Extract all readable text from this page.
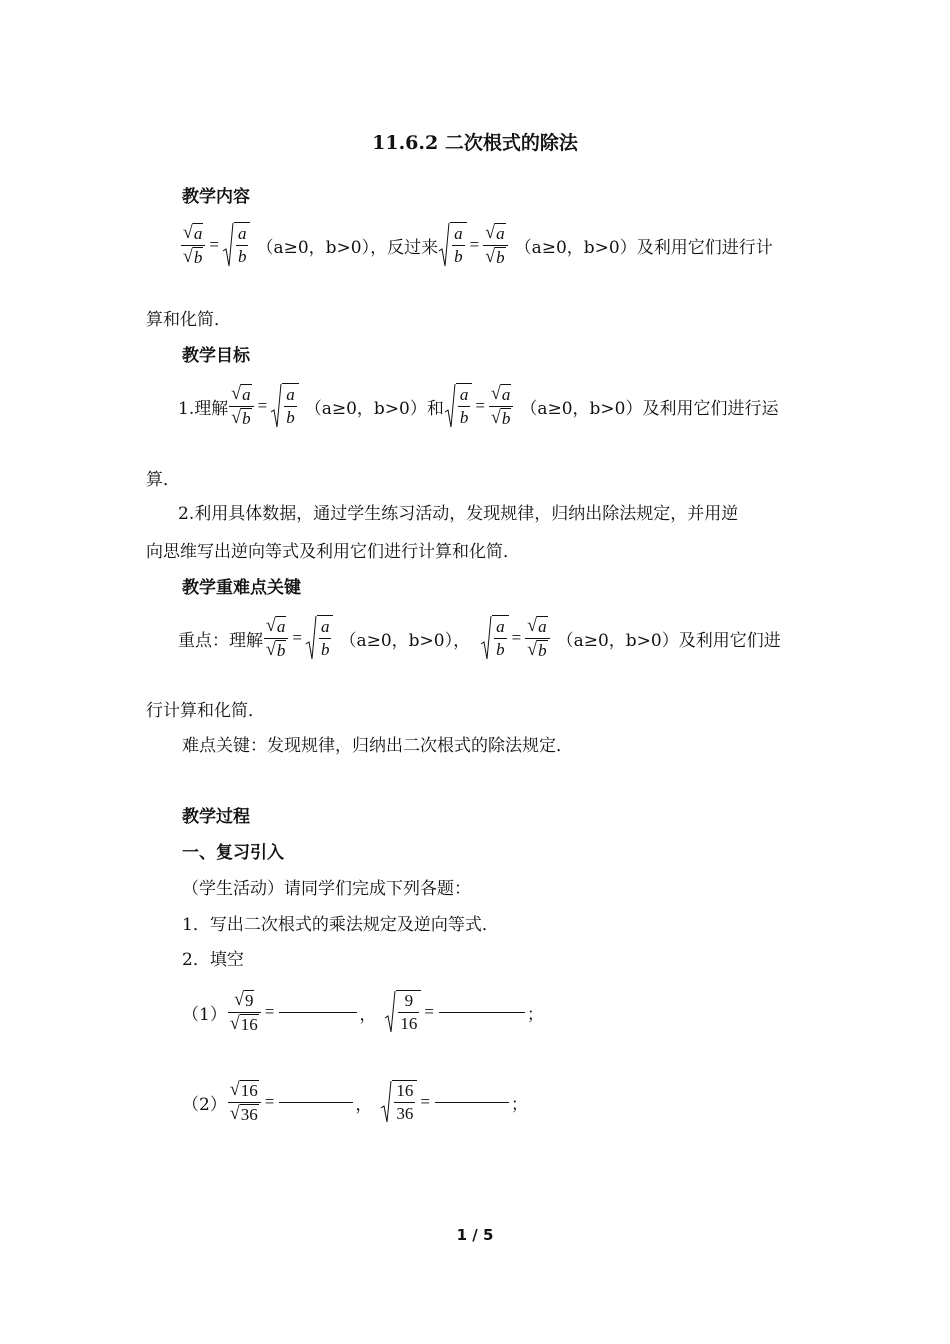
11.6.2 二次根式的除法
教学内容
$\frac{√ a}{√ b} = \frac{a}{b} (a\ge 0$，b>0），反过来 $\frac{a}{b} = \frac{√ a}{√ b} (a\ge 0$，b>0）及利用它们进行计
算和化简．
教学目标
1.理解 $\frac{√ a}{√ b} = \frac{a}{b} (a\ge 0$，b>0）和 $\frac{a}{b} = \frac{√ a}{√ b} (a\ge 0$，b>0）及利用它们进行运
算．
2.利用具体数据，通过学生练习活动，发现规律，归纳出除法规定，并用逆
向思维写出逆向等式及利用它们进行计算和化简．
教学重难点关键
重点：理解 $\frac{√ a}{√ b} = \frac{a}{b} (a\ge 0$，b>0）， $\frac{a}{b} = \frac{√ a}{√ b} (a\ge 0$，b>0）及利用它们进
行计算和化简．
难点关键：发现规律，归纳出二次根式的除法规定．
教学过程
一、复习引入
（学生活动）请同学们完成下列各题：
1．写出二次根式的乘法规定及逆向等式．
2．填空
$(1) \frac{√ 9}{√ 16}$ =	， $\frac{9}{16}$ =	；
$(2) \frac{√ 16}{√ 36}$ =	， $\frac{16}{36}$ =	；
1 / 5
